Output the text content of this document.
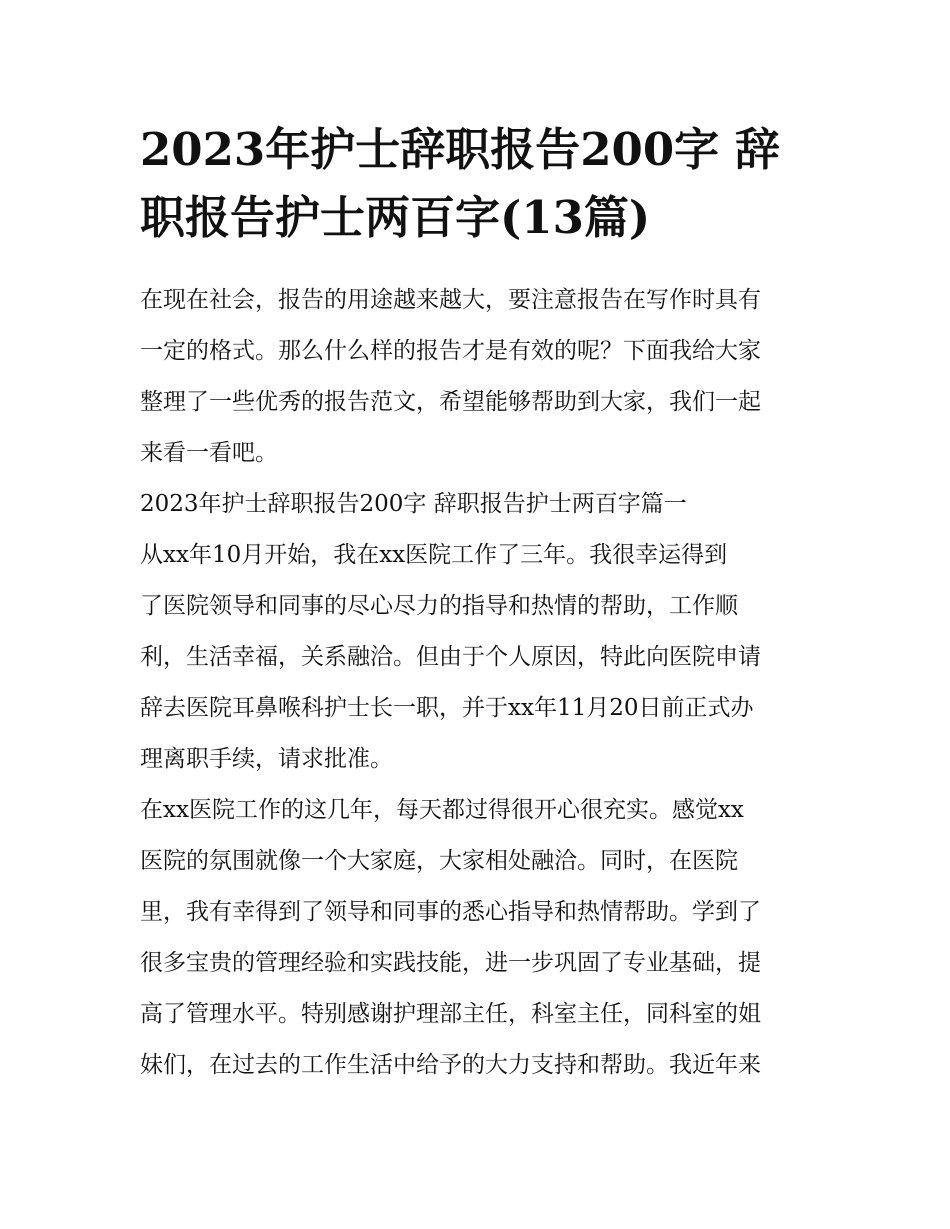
2023年护士辞职报告200字 辞
职报告护士两百字(13篇)

在现在社会，报告的用途越来越大，要注意报告在写作时具有

一定的格式。那么什么样的报告才是有效的呢？下面我给大家

整理了一些优秀的报告范文，希望能够帮助到大家，我们一起

来看一看吧。

2023年护士辞职报告200字 辞职报告护士两百字篇一

从xx年10月开始，我在xx医院工作了三年。我很幸运得到

了医院领导和同事的尽心尽力的指导和热情的帮助，工作顺

利，生活幸福，关系融洽。但由于个人原因，特此向医院申请

辞去医院耳鼻喉科护士长一职，并于xx年11月20日前正式办

理离职手续，请求批准。

在xx医院工作的这几年，每天都过得很开心很充实。感觉xx

医院的氛围就像一个大家庭，大家相处融洽。同时，在医院

里，我有幸得到了领导和同事的悉心指导和热情帮助。学到了

很多宝贵的管理经验和实践技能，进一步巩固了专业基础，提

高了管理水平。特别感谢护理部主任，科室主任，同科室的姐

妹们，在过去的工作生活中给予的大力支持和帮助。我近年来
